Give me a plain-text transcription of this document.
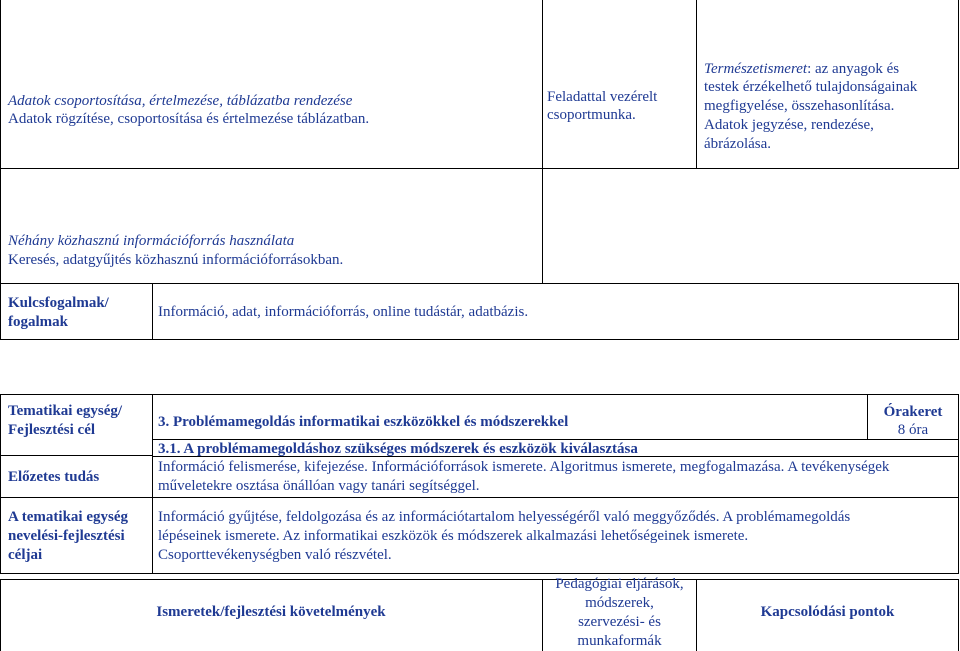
Adatok csoportosítása, értelmezése, táblázatba rendezése
Adatok rögzítése, csoportosítása és értelmezése táblázatban.
Feladattal vezérelt
csoportmunka.
Természetismeret: az anyagok és
testek érzékelhető tulajdonságainak
megfigyelése, összehasonlítása.
Adatok jegyzése, rendezése,
ábrázolása.
Néhány közhasznú információforrás használata
Keresés, adatgyűjtés közhasznú információforrásokban.
Kulcsfogalmak/
fogalmak
Információ, adat, információforrás, online tudástár, adatbázis.
Tematikai egység/
Fejlesztési cél	3. Problémamegoldás informatikai eszközökkel és módszerekkel
Órakeret
8 óra
3.1. A problémamegoldáshoz szükséges módszerek és eszközök kiválasztása
Előzetes tudás
Információ felismerése, kifejezése. Információforrások ismerete. Algoritmus ismerete, megfogalmazása. A tevékenységek
műveletekre osztása önállóan vagy tanári segítséggel.
A tematikai egység
nevelési-fejlesztési
céljai
Információ gyűjtése, feldolgozása és az információtartalom helyességéről való meggyőződés. A problémamegoldás
lépéseinek ismerete. Az informatikai eszközök és módszerek alkalmazási lehetőségeinek ismerete.
Csoporttevékenységben való részvétel.
Ismeretek/fejlesztési követelmények
Pedagógiai eljárások,
módszerek,
szervezési- és
munkaformák
Kapcsolódási pontok
